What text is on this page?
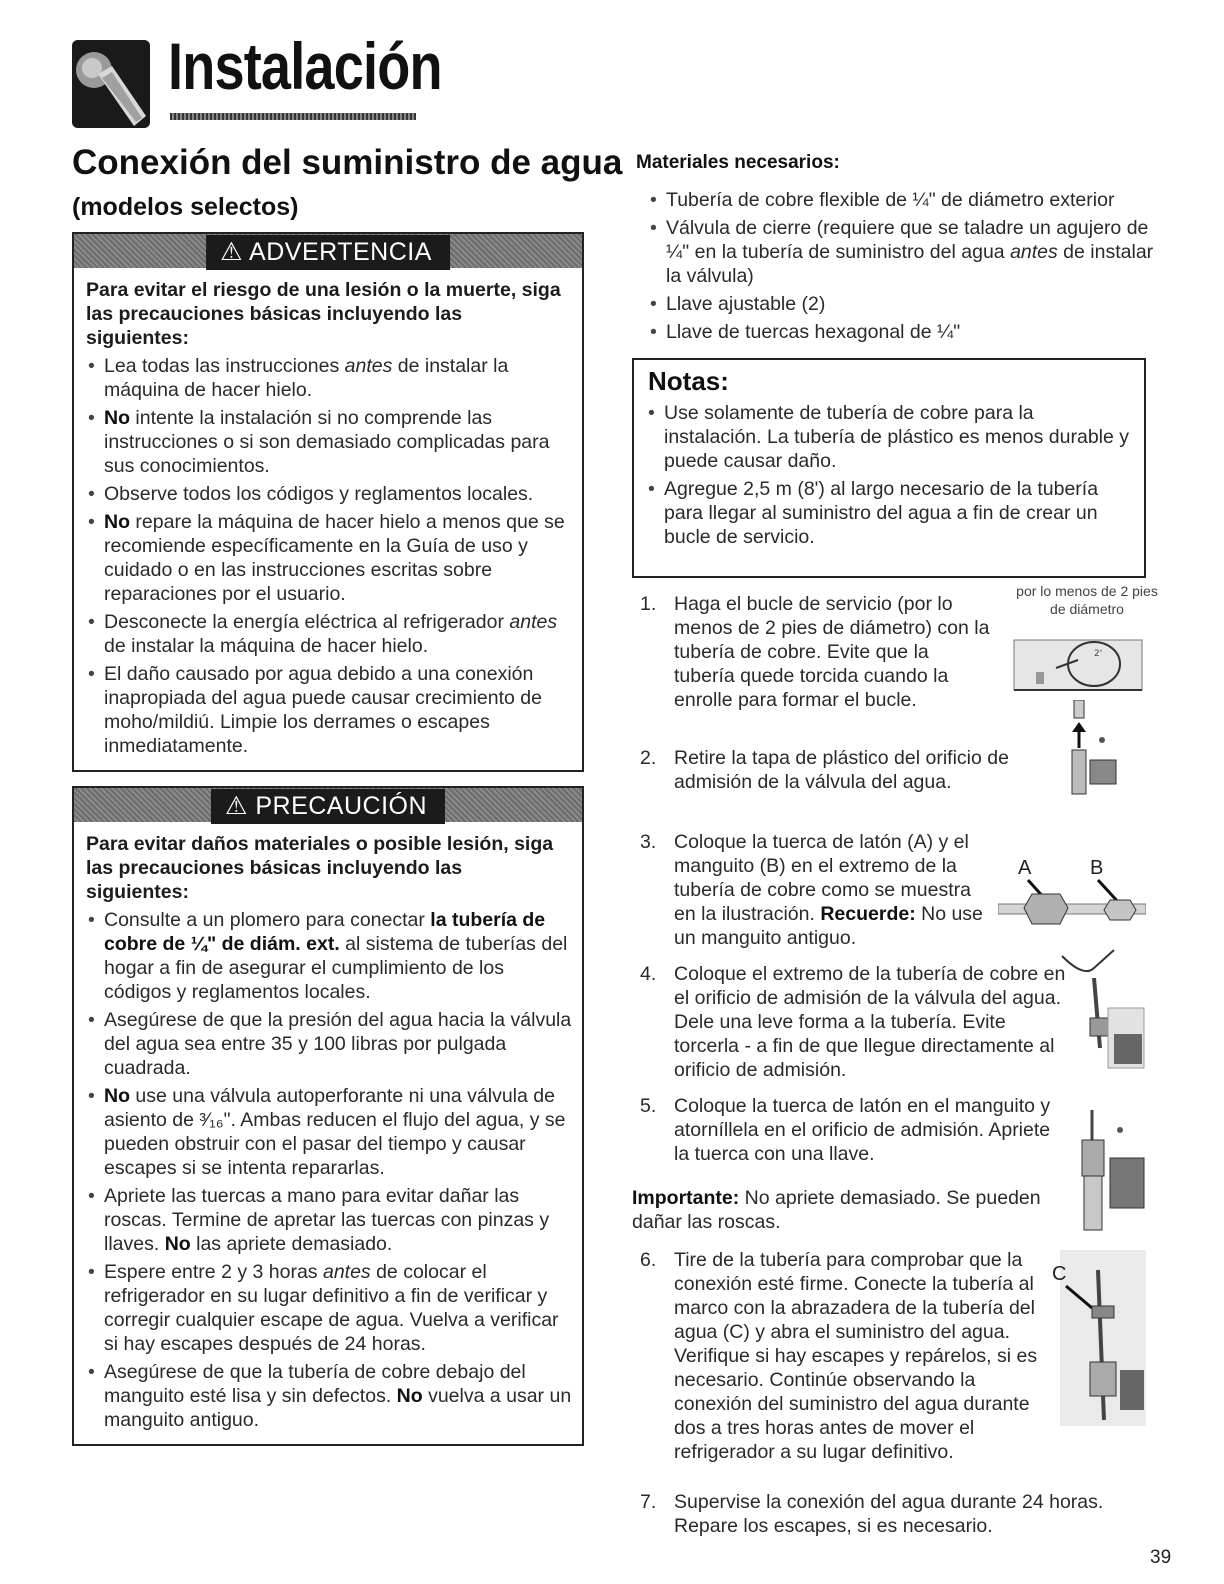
Instalación
Conexión del suministro de agua
(modelos selectos)
⚠ ADVERTENCIA
Para evitar el riesgo de una lesión o la muerte, siga las precauciones básicas incluyendo las siguientes:
• Lea todas las instrucciones antes de instalar la máquina de hacer hielo.
• No intente la instalación si no comprende las instrucciones o si son demasiado complicadas para sus conocimientos.
• Observe todos los códigos y reglamentos locales.
• No repare la máquina de hacer hielo a menos que se recomiende específicamente en la Guía de uso y cuidado o en las instrucciones escritas sobre reparaciones por el usuario.
• Desconecte la energía eléctrica al refrigerador antes de instalar la máquina de hacer hielo.
• El daño causado por agua debido a una conexión inapropiada del agua puede causar crecimiento de moho/mildiú. Limpie los derrames o escapes inmediatamente.
⚠ PRECAUCIÓN
Para evitar daños materiales o posible lesión, siga las precauciones básicas incluyendo las siguientes:
• Consulte a un plomero para conectar la tubería de cobre de ¼" de diám. ext. al sistema de tuberías del hogar a fin de asegurar el cumplimiento de los códigos y reglamentos locales.
• Asegúrese de que la presión del agua hacia la válvula del agua sea entre 35 y 100 libras por pulgada cuadrada.
• No use una válvula autoperforante ni una válvula de asiento de ³⁄₁₆". Ambas reducen el flujo del agua, y se pueden obstruir con el pasar del tiempo y causar escapes si se intenta repararlas.
• Apriete las tuercas a mano para evitar dañar las roscas. Termine de apretar las tuercas con pinzas y llaves. No las apriete demasiado.
• Espere entre 2 y 3 horas antes de colocar el refrigerador en su lugar definitivo a fin de verificar y corregir cualquier escape de agua. Vuelva a verificar si hay escapes después de 24 horas.
• Asegúrese de que la tubería de cobre debajo del manguito esté lisa y sin defectos. No vuelva a usar un manguito antiguo.
Materiales necesarios:
• Tubería de cobre flexible de ¼" de diámetro exterior
• Válvula de cierre (requiere que se taladre un agujero de ¼" en la tubería de suministro del agua antes de instalar la válvula)
• Llave ajustable (2)
• Llave de tuercas hexagonal de ¼"
Notas:
• Use solamente de tubería de cobre para la instalación. La tubería de plástico es menos durable y puede causar daño.
• Agregue 2,5 m (8') al largo necesario de la tubería para llegar al suministro del agua a fin de crear un bucle de servicio.
1. Haga el bucle de servicio (por lo menos de 2 pies de diámetro) con la tubería de cobre. Evite que la tubería quede torcida cuando la enrolle para formar el bucle.
2. Retire la tapa de plástico del orificio de admisión de la válvula del agua.
3. Coloque la tuerca de latón (A) y el manguito (B) en el extremo de la tubería de cobre como se muestra en la ilustración. Recuerde: No use un manguito antiguo.
4. Coloque el extremo de la tubería de cobre en el orificio de admisión de la válvula del agua. Dele una leve forma a la tubería. Evite torcerla - a fin de que llegue directamente al orificio de admisión.
5. Coloque la tuerca de latón en el manguito y atorníllela en el orificio de admisión. Apriete la tuerca con una llave.
Importante: No apriete demasiado. Se pueden dañar las roscas.
6. Tire de la tubería para comprobar que la conexión esté firme. Conecte la tubería al marco con la abrazadera de la tubería del agua (C) y abra el suministro del agua. Verifique si hay escapes y repárelos, si es necesario. Continúe observando la conexión del suministro del agua durante dos a tres horas antes de mover el refrigerador a su lugar definitivo.
7. Supervise la conexión del agua durante 24 horas. Repare los escapes, si es necesario.
por lo menos de 2 pies de diámetro
2'
A	B
C
39
